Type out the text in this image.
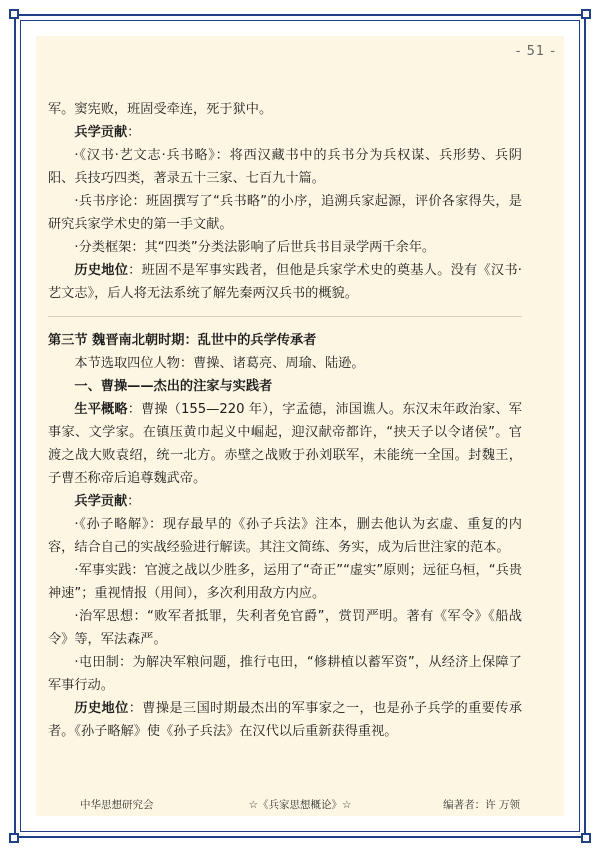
- 51 -

军。窦宪败，班固受牵连，死于狱中。

兵学贡献：

·《汉书·艺文志·兵书略》：将西汉藏书中的兵书分为兵权谋、兵形势、兵阴阳、兵技巧四类，著录五十三家、七百九十篇。

·兵书序论：班固撰写了“兵书略”的小序，追溯兵家起源，评价各家得失，是研究兵家学术史的第一手文献。

·分类框架：其“四类”分类法影响了后世兵书目录学两千余年。

历史地位：班固不是军事实践者，但他是兵家学术史的奠基人。没有《汉书·艺文志》，后人将无法系统了解先秦两汉兵书的概貌。

第三节 魏晋南北朝时期：乱世中的兵学传承者

本节选取四位人物：曹操、诸葛亮、周瑜、陆逊。

一、曹操——杰出的注家与实践者

生平概略：曹操（155—220 年），字孟德，沛国谯人。东汉末年政治家、军事家、文学家。在镇压黄巾起义中崛起，迎汉献帝都许，“挟天子以令诸侯”。官渡之战大败袁绍，统一北方。赤壁之战败于孙刘联军，未能统一全国。封魏王，子曹丕称帝后追尊魏武帝。

兵学贡献：

·《孙子略解》：现存最早的《孙子兵法》注本，删去他认为玄虚、重复的内容，结合自己的实战经验进行解读。其注文简练、务实，成为后世注家的范本。

·军事实践：官渡之战以少胜多，运用了“奇正”“虚实”原则；远征乌桓，“兵贵神速”；重视情报（用间），多次利用敌方内应。

·治军思想：“败军者抵罪，失利者免官爵”，赏罚严明。著有《军令》《船战令》等，军法森严。

·屯田制：为解决军粮问题，推行屯田，“修耕植以蓄军资”，从经济上保障了军事行动。

历史地位：曹操是三国时期最杰出的军事家之一，也是孙子兵学的重要传承者。《孙子略解》使《孙子兵法》在汉代以后重新获得重视。

中华思想研究会	☆《兵家思想概论》☆	编著者：许 万领
